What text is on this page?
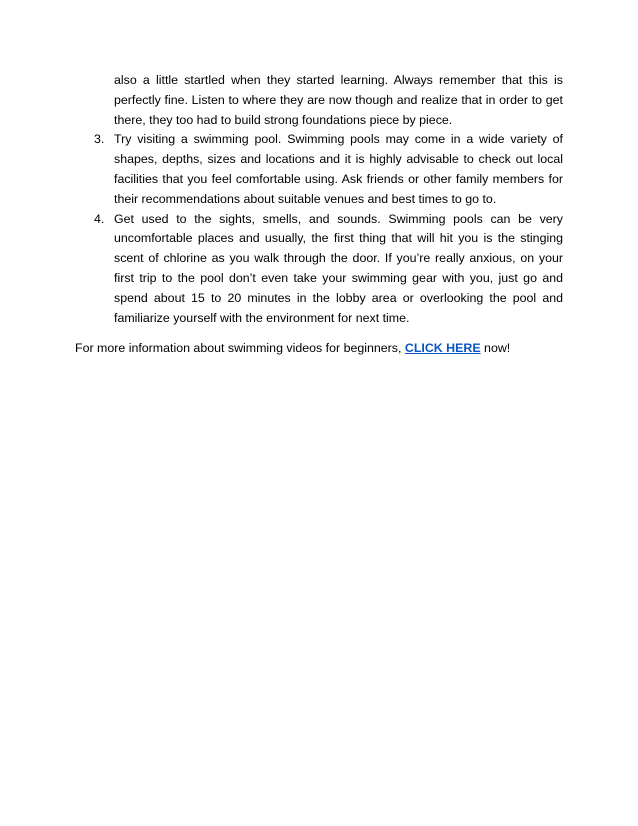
also a little startled when they started learning. Always remember that this is perfectly fine. Listen to where they are now though and realize that in order to get there, they too had to build strong foundations piece by piece.
3. Try visiting a swimming pool. Swimming pools may come in a wide variety of shapes, depths, sizes and locations and it is highly advisable to check out local facilities that you feel comfortable using. Ask friends or other family members for their recommendations about suitable venues and best times to go to.
4. Get used to the sights, smells, and sounds. Swimming pools can be very uncomfortable places and usually, the first thing that will hit you is the stinging scent of chlorine as you walk through the door. If you’re really anxious, on your first trip to the pool don’t even take your swimming gear with you, just go and spend about 15 to 20 minutes in the lobby area or overlooking the pool and familiarize yourself with the environment for next time.

For more information about swimming videos for beginners, CLICK HERE now!
